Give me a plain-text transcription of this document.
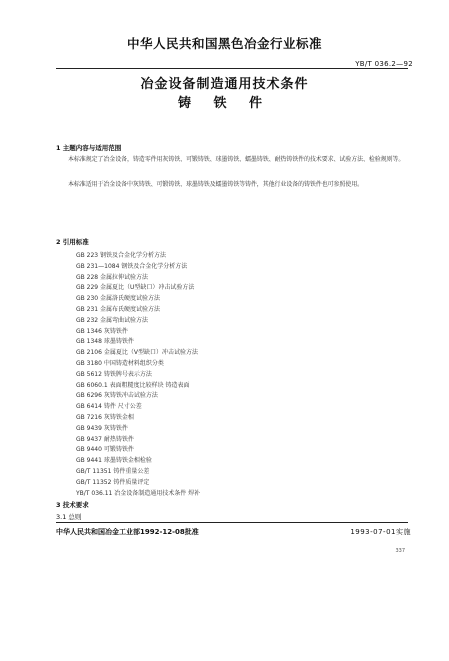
中华人民共和国黑色冶金行业标准
YB/T 036.2—92
冶金设备制造通用技术条件
铸 铁 件
1 主题内容与适用范围
本标准规定了冶金设备，铸造零件用灰铸铁、可锻铸铁、球墨铸铁、蠕墨铸铁、耐热铸铁件的技术要求、试验方法、检验规则等。
本标准适用于冶金设备中灰铸铁、可锻铸铁、球墨铸铁及蠕墨铸铁等铸件，其他行业设备的铸铁件也可参照使用。
2 引用标准
GB 223 钢铁及合金化学分析方法
GB 231—1084 钢铁及合金化学分析方法
GB 228 金属拉伸试验方法
GB 229 金属夏比（U型缺口）冲击试验方法
GB 230 金属洛氏硬度试验方法
GB 231 金属布氏硬度试验方法
GB 232 金属弯曲试验方法
GB 1346 灰铸铁件
GB 1348 球墨铸铁件
GB 2106 金属夏比（V型缺口）冲击试验方法
GB 3180 中国铸造材料组织分类
GB 5612 铸铁牌号表示方法
GB 6060.1 表面粗糙度比较样块 铸造表面
GB 6296 灰铸铁冲击试验方法
GB 6414 铸件 尺寸公差
GB 7216 灰铸铁金相
GB 9439 灰铸铁件
GB 9437 耐热铸铁件
GB 9440 可锻铸铁件
GB 9441 球墨铸铁金相检验
GB/T 11351 铸件重量公差
GB/T 11352 铸件质量评定
YB/T 036.11 冶金设备制造通用技术条件 焊补
3 技术要求
3.1 总则
中华人民共和国冶金工业部1992-12-08批准	1993-07-01实施
337
